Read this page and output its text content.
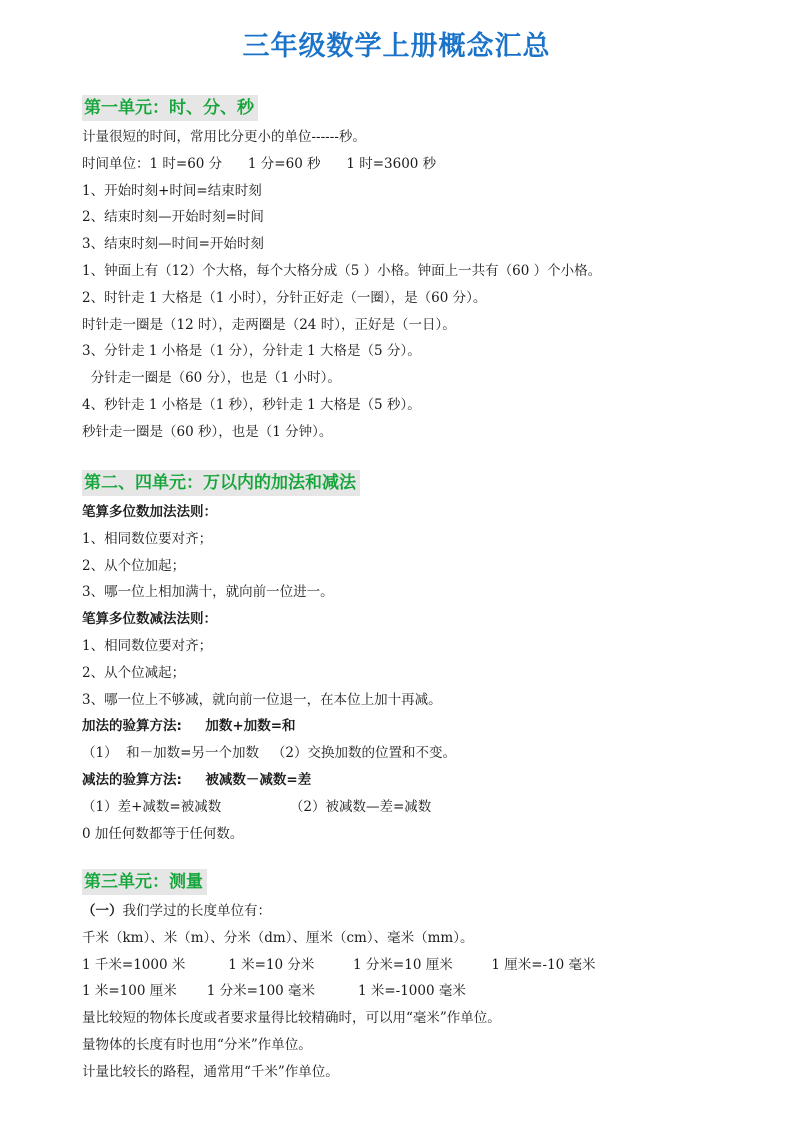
三年级数学上册概念汇总
第一单元：时、分、秒
计量很短的时间，常用比分更小的单位------秒。
时间单位：1 时=60 分      1 分=60 秒      1 时=3600 秒
1、开始时刻+时间=结束时刻
2、结束时刻—开始时刻=时间
3、结束时刻—时间=开始时刻
1、钟面上有（12）个大格，每个大格分成（5 ）小格。钟面上一共有（60 ）个小格。
2、时针走 1 大格是（1 小时），分针正好走（一圈），是（60 分）。
时针走一圈是（12 时），走两圈是（24 时），正好是（一日）。
3、分针走 1 小格是（1 分），分针走 1 大格是（5 分）。
分针走一圈是（60 分），也是（1 小时）。
4、秒针走 1 小格是（1 秒），秒针走 1 大格是（5 秒）。
秒针走一圈是（60 秒），也是（1 分钟）。
第二、四单元：万以内的加法和减法
笔算多位数加法法则：
1、相同数位要对齐；
2、从个位加起；
3、哪一位上相加满十，就向前一位进一。
笔算多位数减法法则：
1、相同数位要对齐；
2、从个位减起；
3、哪一位上不够减，就向前一位退一，在本位上加十再减。
加法的验算方法:     加数+加数=和
（1）  和－加数=另一个加数   （2）交换加数的位置和不变。
减法的验算方法:     被减数－减数=差
（1）差+减数=被减数                （2）被减数—差=减数
0 加任何数都等于任何数。
第三单元：测量
（一）我们学过的长度单位有：
千米（km）、米（m）、分米（dm）、厘米（cm）、毫米（mm）。
1 千米=1000 米          1 米=10 分米         1 分米=10 厘米         1 厘米=-10 毫米
1 米=100 厘米       1 分米=100 毫米          1 米=-1000 毫米
量比较短的物体长度或者要求量得比较精确时，可以用“毫米”作单位。
量物体的长度有时也用“分米”作单位。
计量比较长的路程，通常用“千米”作单位。
